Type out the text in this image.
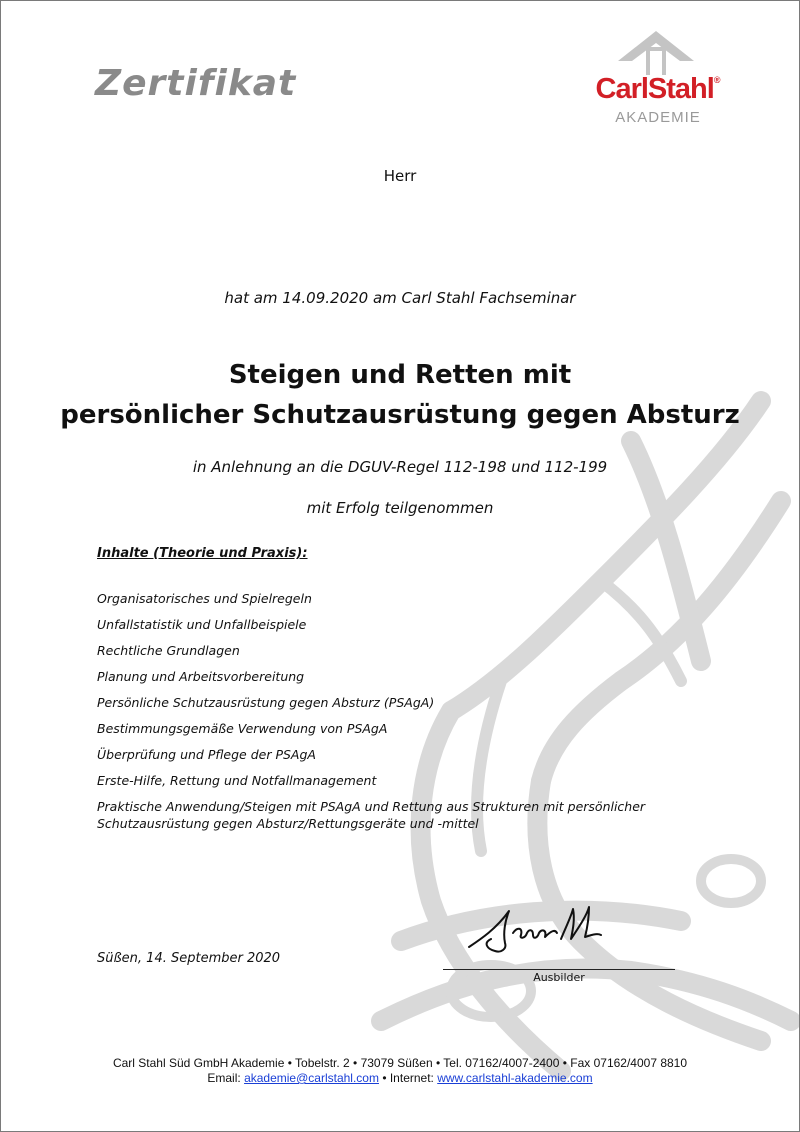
Zertifikat	CarlStahl®
AKADEMIE
Herr
hat am 14.09.2020 am Carl Stahl Fachseminar
Steigen und Retten mit
persönlicher Schutzausrüstung gegen Absturz
in Anlehnung an die DGUV-Regel 112-198 und 112-199
mit Erfolg teilgenommen

Inhalte (Theorie und Praxis):

Organisatorisches und Spielregeln
Unfallstatistik und Unfallbeispiele
Rechtliche Grundlagen
Planung und Arbeitsvorbereitung
Persönliche Schutzausrüstung gegen Absturz (PSAgA)
Bestimmungsgemäße Verwendung von PSAgA
Überprüfung und Pflege der PSAgA
Erste-Hilfe, Rettung und Notfallmanagement
Praktische Anwendung/Steigen mit PSAgA und Rettung aus Strukturen mit persönlicher Schutzausrüstung gegen Absturz/Rettungsgeräte und -mittel
Süßen, 14. September 2020
Ausbilder
Carl Stahl Süd GmbH Akademie • Tobelstr. 2 • 73079 Süßen • Tel. 07162/4007-2400 • Fax 07162/4007 8810
Email: akademie@carlstahl.com • Internet: www.carlstahl-akademie.com
